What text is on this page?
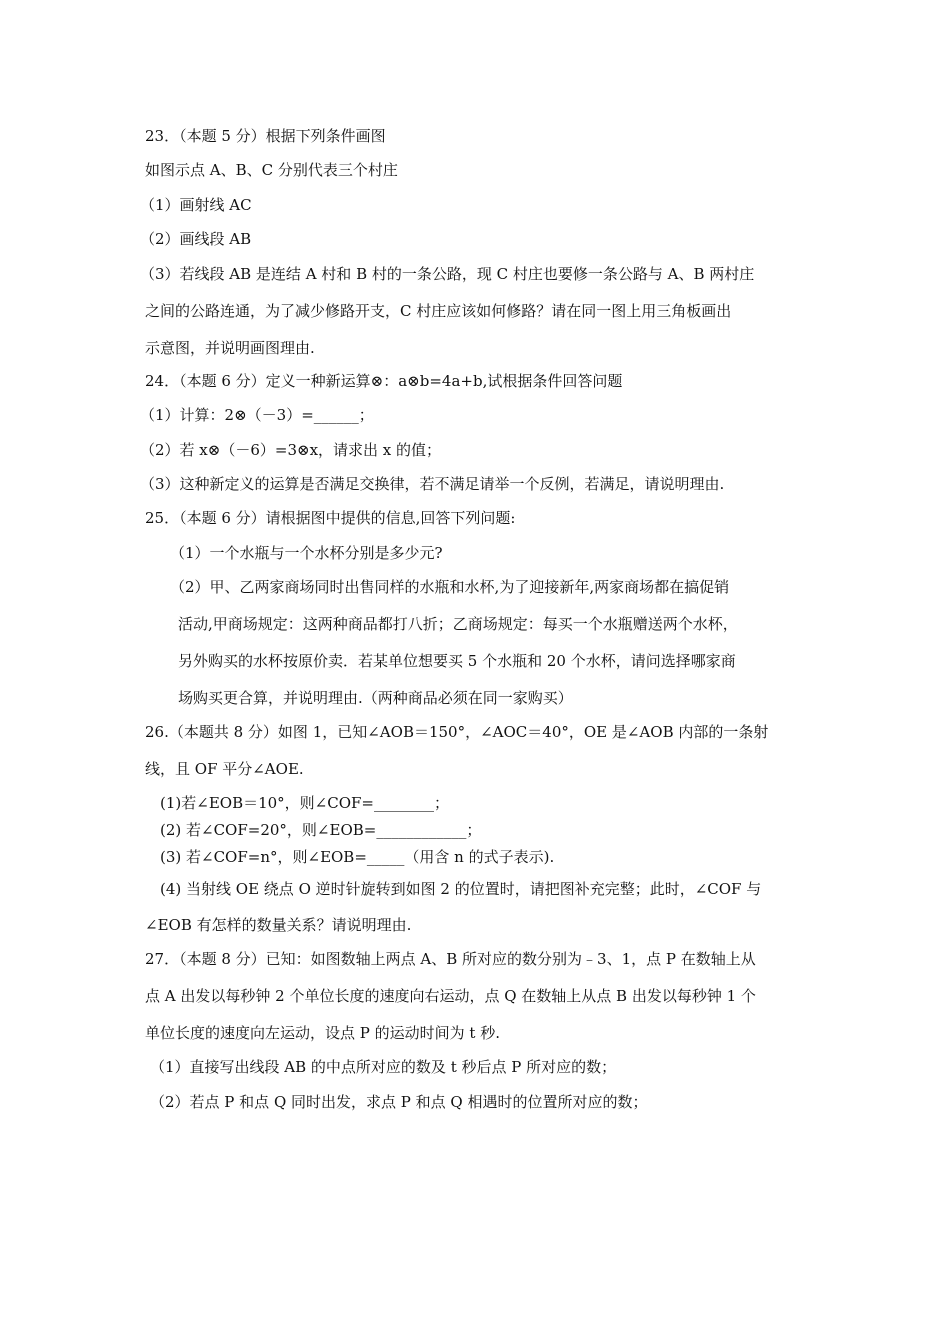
23．（本题 5 分）根据下列条件画图
如图示点 A、B、C 分别代表三个村庄
（1）画射线 AC
（2）画线段 AB
（3）若线段 AB 是连结 A 村和 B 村的一条公路，现 C 村庄也要修一条公路与 A、B 两村庄
之间的公路连通，为了减少修路开支，C 村庄应该如何修路？请在同一图上用三角板画出
示意图，并说明画图理由.
24．（本题 6 分）定义一种新运算⊗：a⊗b=4a+b,试根据条件回答问题
（1）计算：2⊗（－3）=______；
（2）若 x⊗（－6）=3⊗x，请求出 x 的值；
（3）这种新定义的运算是否满足交换律，若不满足请举一个反例，若满足，请说明理由.
25．（本题 6 分）请根据图中提供的信息,回答下列问题:
（1）一个水瓶与一个水杯分别是多少元?
（2）甲、乙两家商场同时出售同样的水瓶和水杯,为了迎接新年,两家商场都在搞促销
活动,甲商场规定：这两种商品都打八折；乙商场规定：每买一个水瓶赠送两个水杯，
另外购买的水杯按原价卖．若某单位想要买 5 个水瓶和 20 个水杯，请问选择哪家商
场购买更合算，并说明理由.（两种商品必须在同一家购买）
26.（本题共 8 分）如图 1，已知∠AOB＝150°，∠AOC＝40°，OE 是∠AOB 内部的一条射
线，且 OF 平分∠AOE.
(1)若∠EOB＝10°，则∠COF=________；
(2) 若∠COF=20°，则∠EOB=____________；
(3) 若∠COF=n°，则∠EOB=_____（用含 n 的式子表示).
(4) 当射线 OE 绕点 O 逆时针旋转到如图 2 的位置时，请把图补充完整；此时，∠COF 与
∠EOB 有怎样的数量关系？请说明理由.
27．（本题 8 分）已知：如图数轴上两点 A、B 所对应的数分别为﹣3、1，点 P 在数轴上从
点 A 出发以每秒钟 2 个单位长度的速度向右运动，点 Q 在数轴上从点 B 出发以每秒钟 1 个
单位长度的速度向左运动，设点 P 的运动时间为 t 秒.
（1）直接写出线段 AB 的中点所对应的数及 t 秒后点 P 所对应的数；
（2）若点 P 和点 Q 同时出发，求点 P 和点 Q 相遇时的位置所对应的数；
